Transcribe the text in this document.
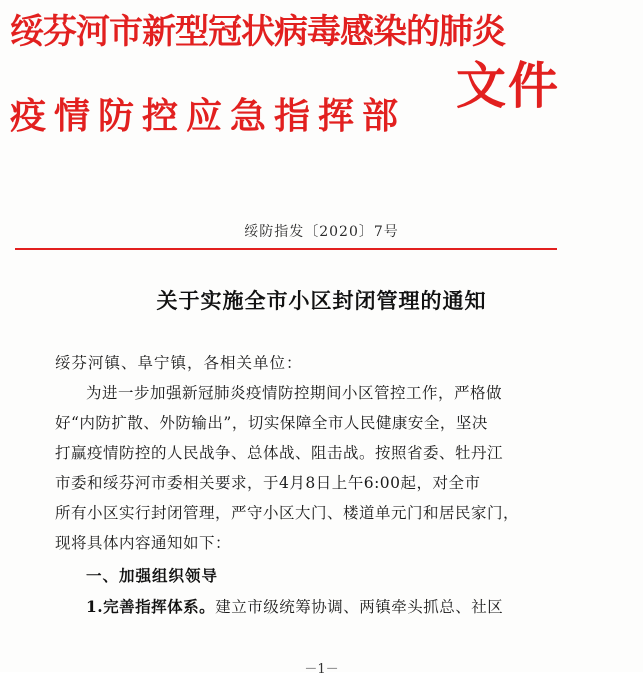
绥芬河市新型冠状病毒感染的肺炎
疫情防控应急指挥部
文件
绥防指发〔2020〕7号
关于实施全市小区封闭管理的通知
绥芬河镇、阜宁镇，各相关单位：
为进一步加强新冠肺炎疫情防控期间小区管控工作，严格做
好“内防扩散、外防输出”，切实保障全市人民健康安全，坚决
打赢疫情防控的人民战争、总体战、阻击战。按照省委、牡丹江
市委和绥芬河市委相关要求，于4月8日上午6:00起，对全市
所有小区实行封闭管理，严守小区大门、楼道单元门和居民家门，
现将具体内容通知如下：
一、加强组织领导
1.完善指挥体系。建立市级统筹协调、两镇牵头抓总、社区
－1－
